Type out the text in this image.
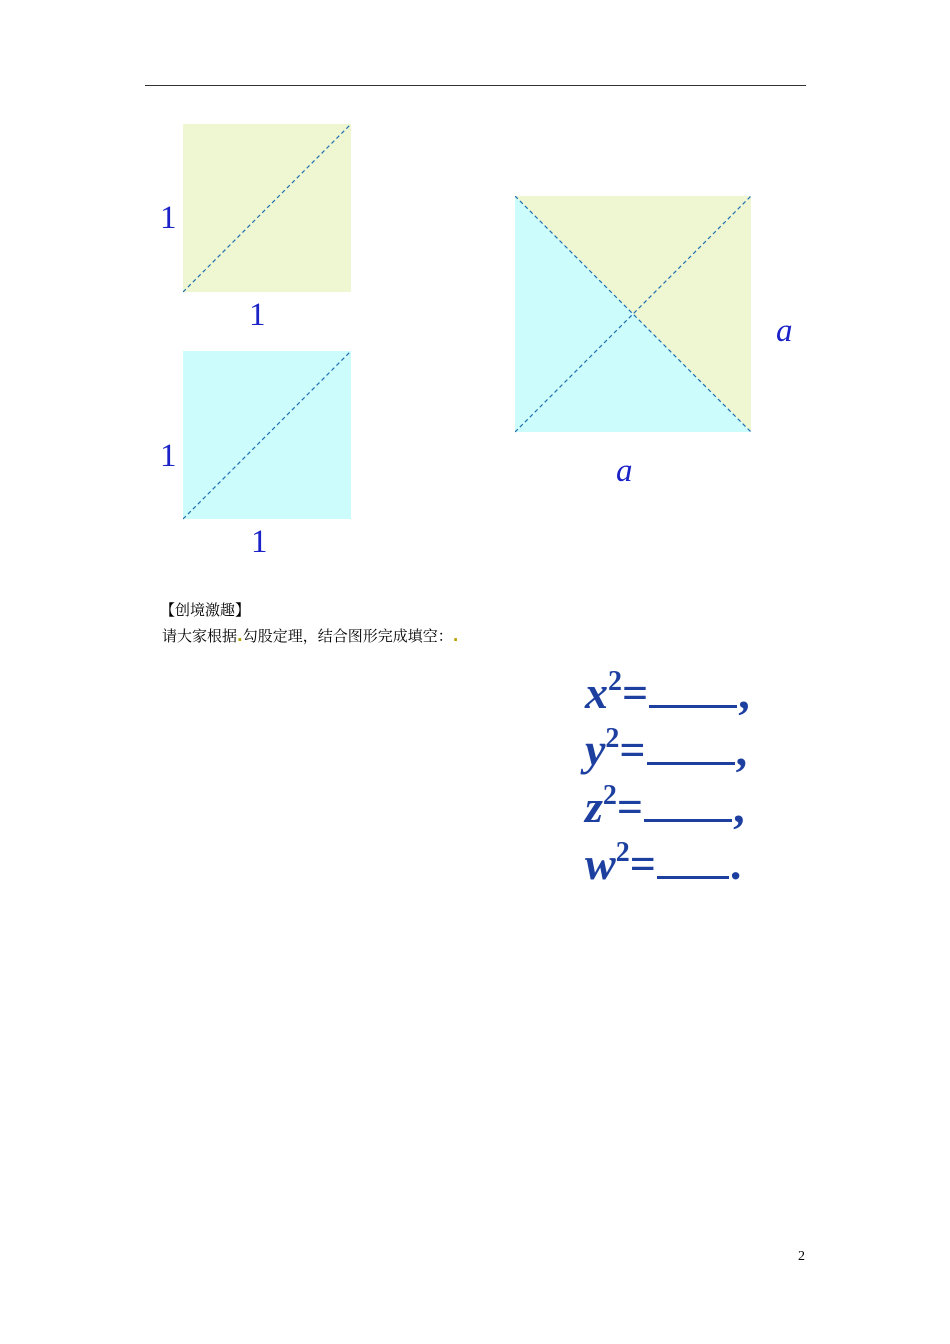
1
1
1
1
a
a
【创境激趣】
请大家根据.勾股定理，结合图形完成填空：.
$x^2=$ ,
$y^2=$ ,
$z^2=$ ,
$w^2=$ .
2
